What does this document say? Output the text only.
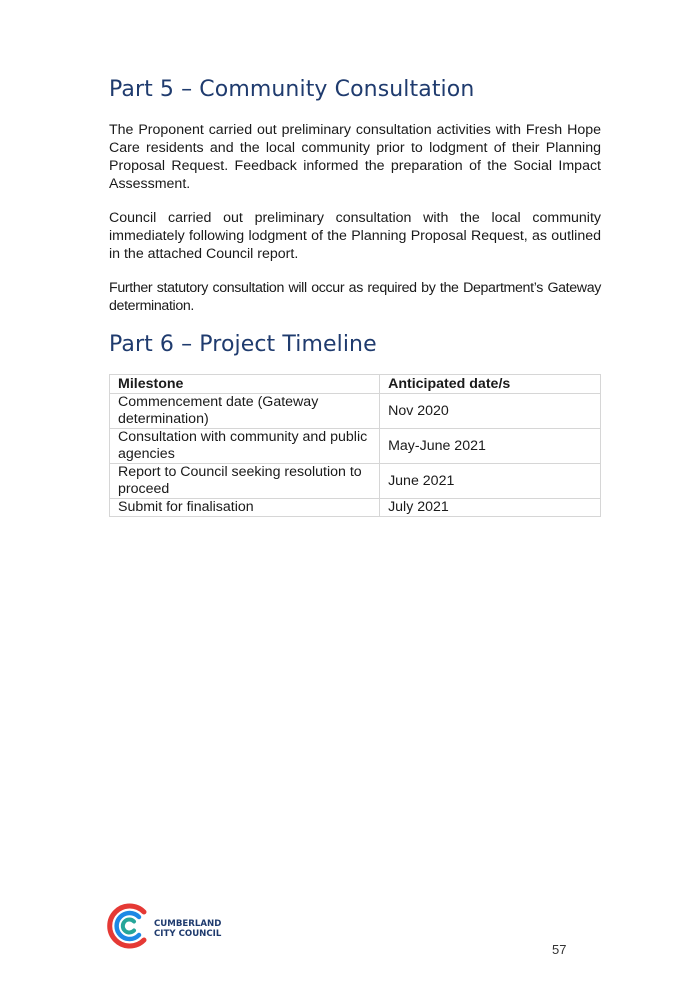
Part 5 – Community Consultation

The Proponent carried out preliminary consultation activities with Fresh Hope Care residents and the local community prior to lodgment of their Planning Proposal Request. Feedback informed the preparation of the Social Impact Assessment.

Council carried out preliminary consultation with the local community immediately following lodgment of the Planning Proposal Request, as outlined in the attached Council report.

Further statutory consultation will occur as required by the Department’s Gateway determination.

Part 6 – Project Timeline
Milestone	Anticipated date/s
Commencement date (Gateway determination)	Nov 2020
Consultation with community and public agencies	May-June 2021
Report to Council seeking resolution to proceed	June 2021
Submit for finalisation	July 2021
CUMBERLAND
CITY COUNCIL
57
